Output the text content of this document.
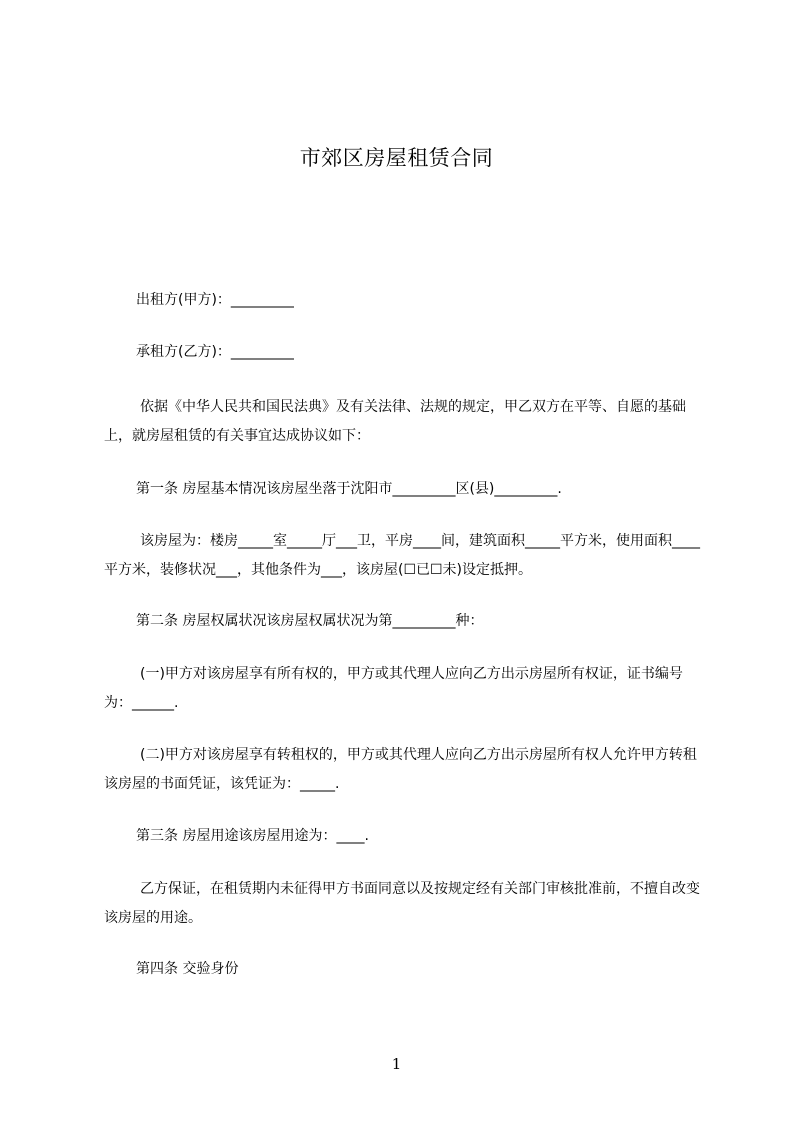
市郊区房屋租赁合同

出租方(甲方)：_________

承租方(乙方)：_________

依据《中华人民共和国民法典》及有关法律、法规的规定，甲乙双方在平等、自愿的基础上，就房屋租赁的有关事宜达成协议如下：

第一条 房屋基本情况该房屋坐落于沈阳市_________区(县)_________.

该房屋为：楼房_____室_____厅___卫，平房____间，建筑面积_____平方米，使用面积____平方米，装修状况___，其他条件为___，该房屋(☐已☐未)设定抵押。

第二条 房屋权属状况该房屋权属状况为第_________种：

(一)甲方对该房屋享有所有权的，甲方或其代理人应向乙方出示房屋所有权证，证书编号为：______.

(二)甲方对该房屋享有转租权的，甲方或其代理人应向乙方出示房屋所有权人允许甲方转租该房屋的书面凭证，该凭证为：_____.

第三条 房屋用途该房屋用途为：____.

乙方保证，在租赁期内未征得甲方书面同意以及按规定经有关部门审核批准前，不擅自改变该房屋的用途。

第四条 交验身份

1
